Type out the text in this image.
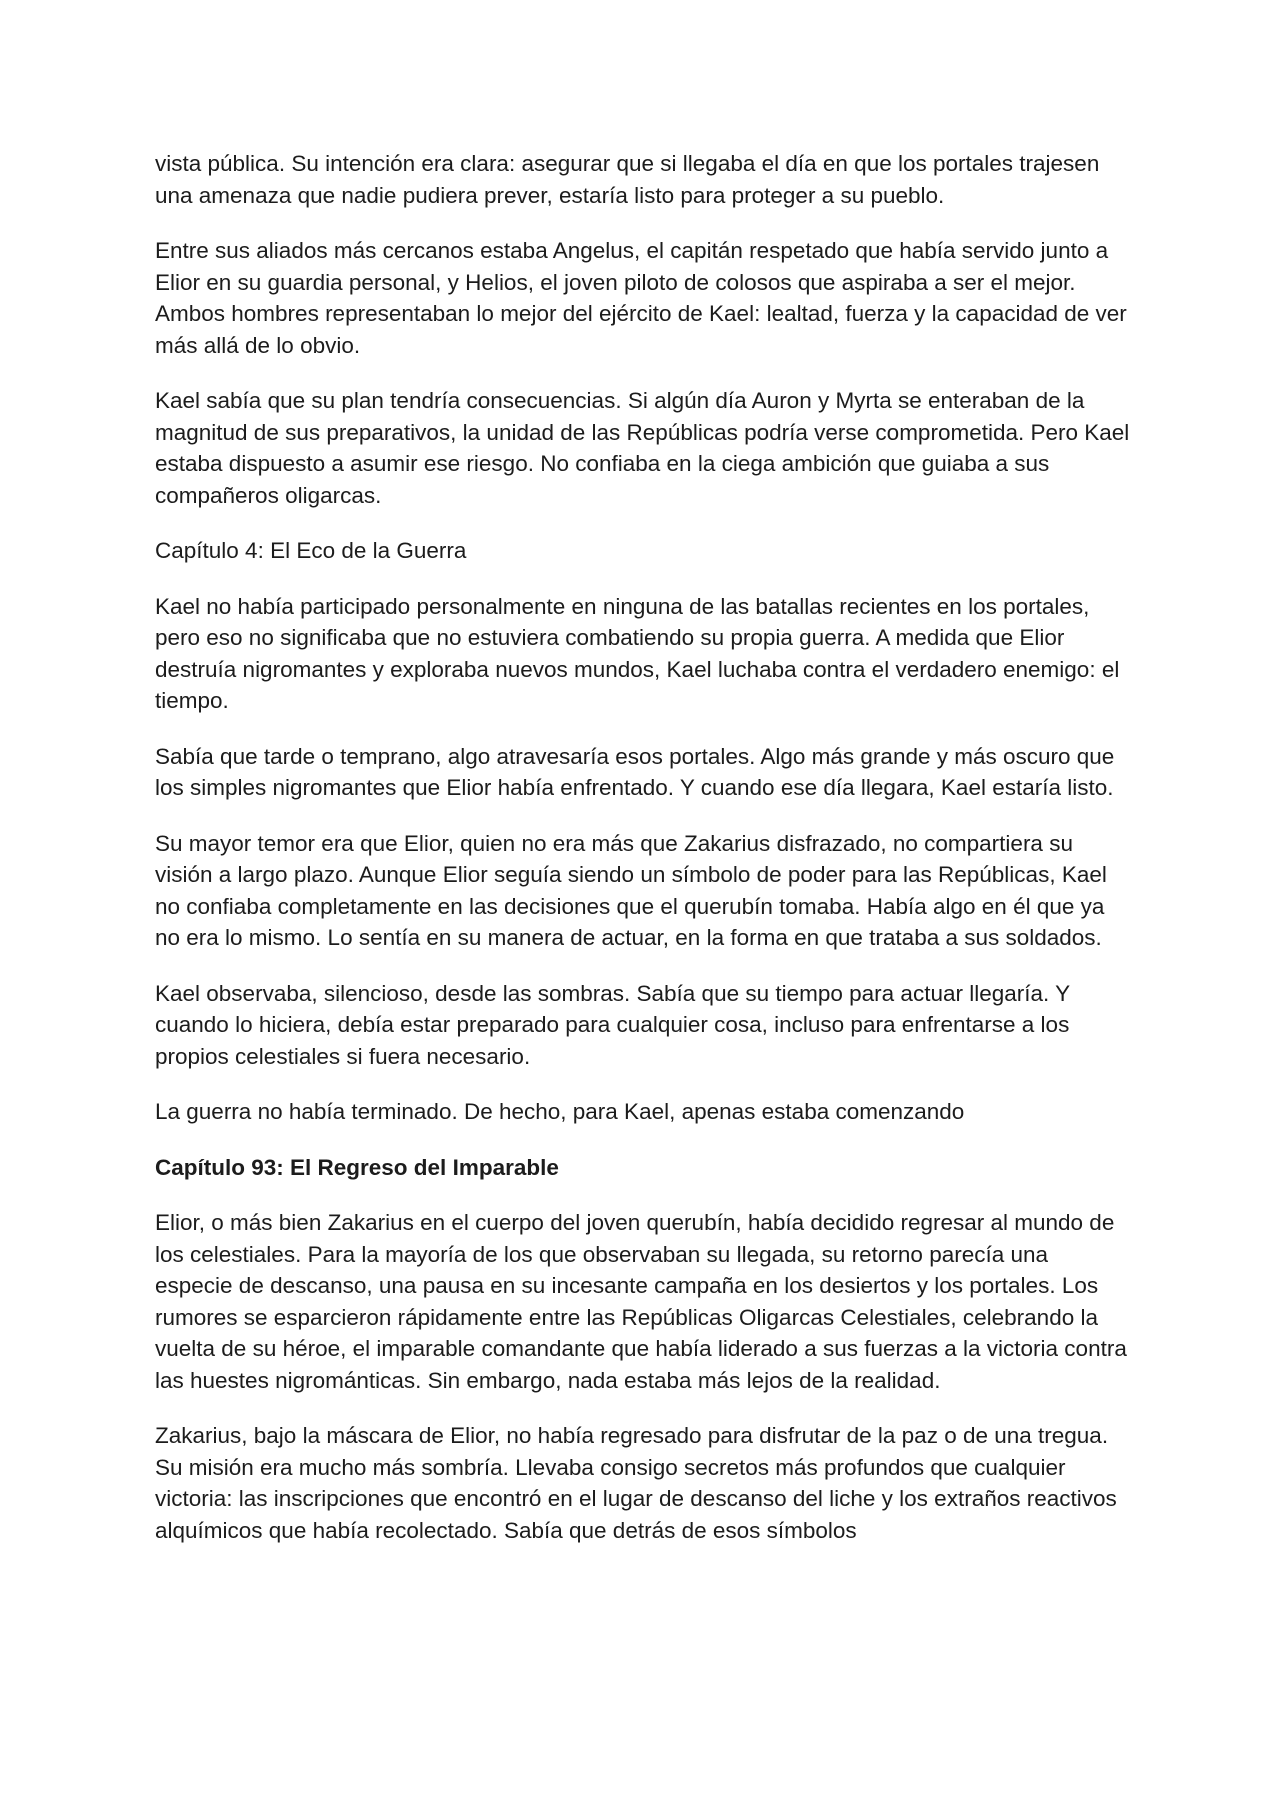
vista pública. Su intención era clara: asegurar que si llegaba el día en que los portales trajesen una amenaza que nadie pudiera prever, estaría listo para proteger a su pueblo.

Entre sus aliados más cercanos estaba Angelus, el capitán respetado que había servido junto a Elior en su guardia personal, y Helios, el joven piloto de colosos que aspiraba a ser el mejor. Ambos hombres representaban lo mejor del ejército de Kael: lealtad, fuerza y la capacidad de ver más allá de lo obvio.

Kael sabía que su plan tendría consecuencias. Si algún día Auron y Myrta se enteraban de la magnitud de sus preparativos, la unidad de las Repúblicas podría verse comprometida. Pero Kael estaba dispuesto a asumir ese riesgo. No confiaba en la ciega ambición que guiaba a sus compañeros oligarcas.

Capítulo 4: El Eco de la Guerra

Kael no había participado personalmente en ninguna de las batallas recientes en los portales, pero eso no significaba que no estuviera combatiendo su propia guerra. A medida que Elior destruía nigromantes y exploraba nuevos mundos, Kael luchaba contra el verdadero enemigo: el tiempo.

Sabía que tarde o temprano, algo atravesaría esos portales. Algo más grande y más oscuro que los simples nigromantes que Elior había enfrentado. Y cuando ese día llegara, Kael estaría listo.

Su mayor temor era que Elior, quien no era más que Zakarius disfrazado, no compartiera su visión a largo plazo. Aunque Elior seguía siendo un símbolo de poder para las Repúblicas, Kael no confiaba completamente en las decisiones que el querubín tomaba. Había algo en él que ya no era lo mismo. Lo sentía en su manera de actuar, en la forma en que trataba a sus soldados.

Kael observaba, silencioso, desde las sombras. Sabía que su tiempo para actuar llegaría. Y cuando lo hiciera, debía estar preparado para cualquier cosa, incluso para enfrentarse a los propios celestiales si fuera necesario.

La guerra no había terminado. De hecho, para Kael, apenas estaba comenzando

Capítulo 93: El Regreso del Imparable

Elior, o más bien Zakarius en el cuerpo del joven querubín, había decidido regresar al mundo de los celestiales. Para la mayoría de los que observaban su llegada, su retorno parecía una especie de descanso, una pausa en su incesante campaña en los desiertos y los portales. Los rumores se esparcieron rápidamente entre las Repúblicas Oligarcas Celestiales, celebrando la vuelta de su héroe, el imparable comandante que había liderado a sus fuerzas a la victoria contra las huestes nigrománticas. Sin embargo, nada estaba más lejos de la realidad.

Zakarius, bajo la máscara de Elior, no había regresado para disfrutar de la paz o de una tregua. Su misión era mucho más sombría. Llevaba consigo secretos más profundos que cualquier victoria: las inscripciones que encontró en el lugar de descanso del liche y los extraños reactivos alquímicos que había recolectado. Sabía que detrás de esos símbolos
